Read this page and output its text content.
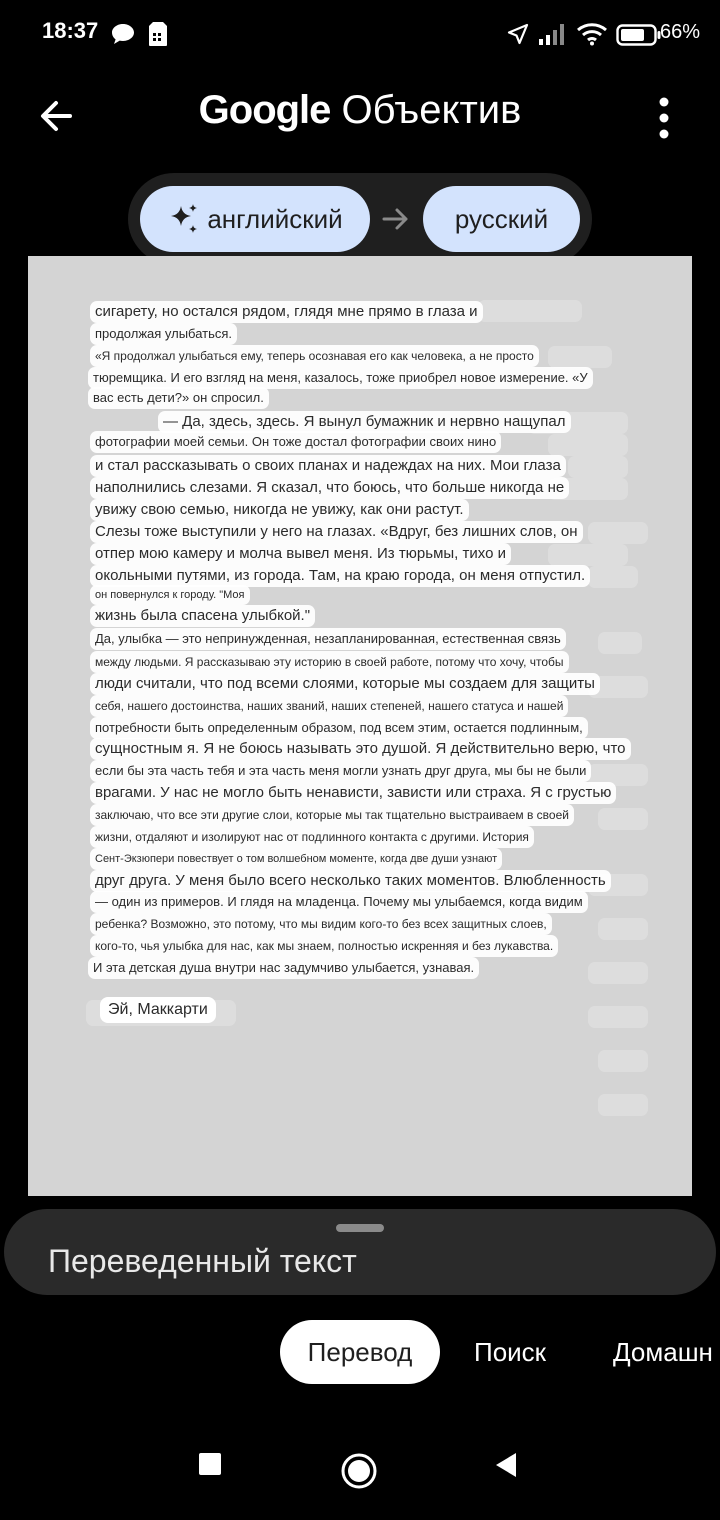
18:37	66%
Google Объектив
английский	русский
сигарету, но остался рядом, глядя мне прямо в глаза и
продолжая улыбаться.
«Я продолжал улыбаться ему, теперь осознавая его как человека, а не просто
тюремщика. И его взгляд на меня, казалось, тоже приобрел новое измерение. «У
вас есть дети?» он спросил.
— Да, здесь, здесь. Я вынул бумажник и нервно нащупал
фотографии моей семьи. Он тоже достал фотографии своих нино
и стал рассказывать о своих планах и надеждах на них. Мои глаза
наполнились слезами. Я сказал, что боюсь, что больше никогда не
увижу свою семью, никогда не увижу, как они растут.
Слезы тоже выступили у него на глазах. «Вдруг, без лишних слов, он
отпер мою камеру и молча вывел меня. Из тюрьмы, тихо и
окольными путями, из города. Там, на краю города, он меня отпустил.
он повернулся к городу. "Моя
жизнь была спасена улыбкой."
Да, улыбка — это непринужденная, незапланированная, естественная связь
между людьми. Я рассказываю эту историю в своей работе, потому что хочу, чтобы
люди считали, что под всеми слоями, которые мы создаем для защиты
себя, нашего достоинства, наших званий, наших степеней, нашего статуса и нашей
потребности быть определенным образом, под всем этим, остается подлинным,
сущностным я. Я не боюсь называть это душой. Я действительно верю, что
если бы эта часть тебя и эта часть меня могли узнать друг друга, мы бы не были
врагами. У нас не могло быть ненависти, зависти или страха. Я с грустью
заключаю, что все эти другие слои, которые мы так тщательно выстраиваем в своей
жизни, отдаляют и изолируют нас от подлинного контакта с другими. История
Сент-Экзюпери повествует о том волшебном моменте, когда две души узнают
друг друга. У меня было всего несколько таких моментов. Влюбленность
— один из примеров. И глядя на младенца. Почему мы улыбаемся, когда видим
ребенка? Возможно, это потому, что мы видим кого-то без всех защитных слоев,
кого-то, чья улыбка для нас, как мы знаем, полностью искренняя и без лукавства.
И эта детская душа внутри нас задумчиво улыбается, узнавая.
Эй, Маккарти
Переведенный текст
Перевод	Поиск	Домашн
